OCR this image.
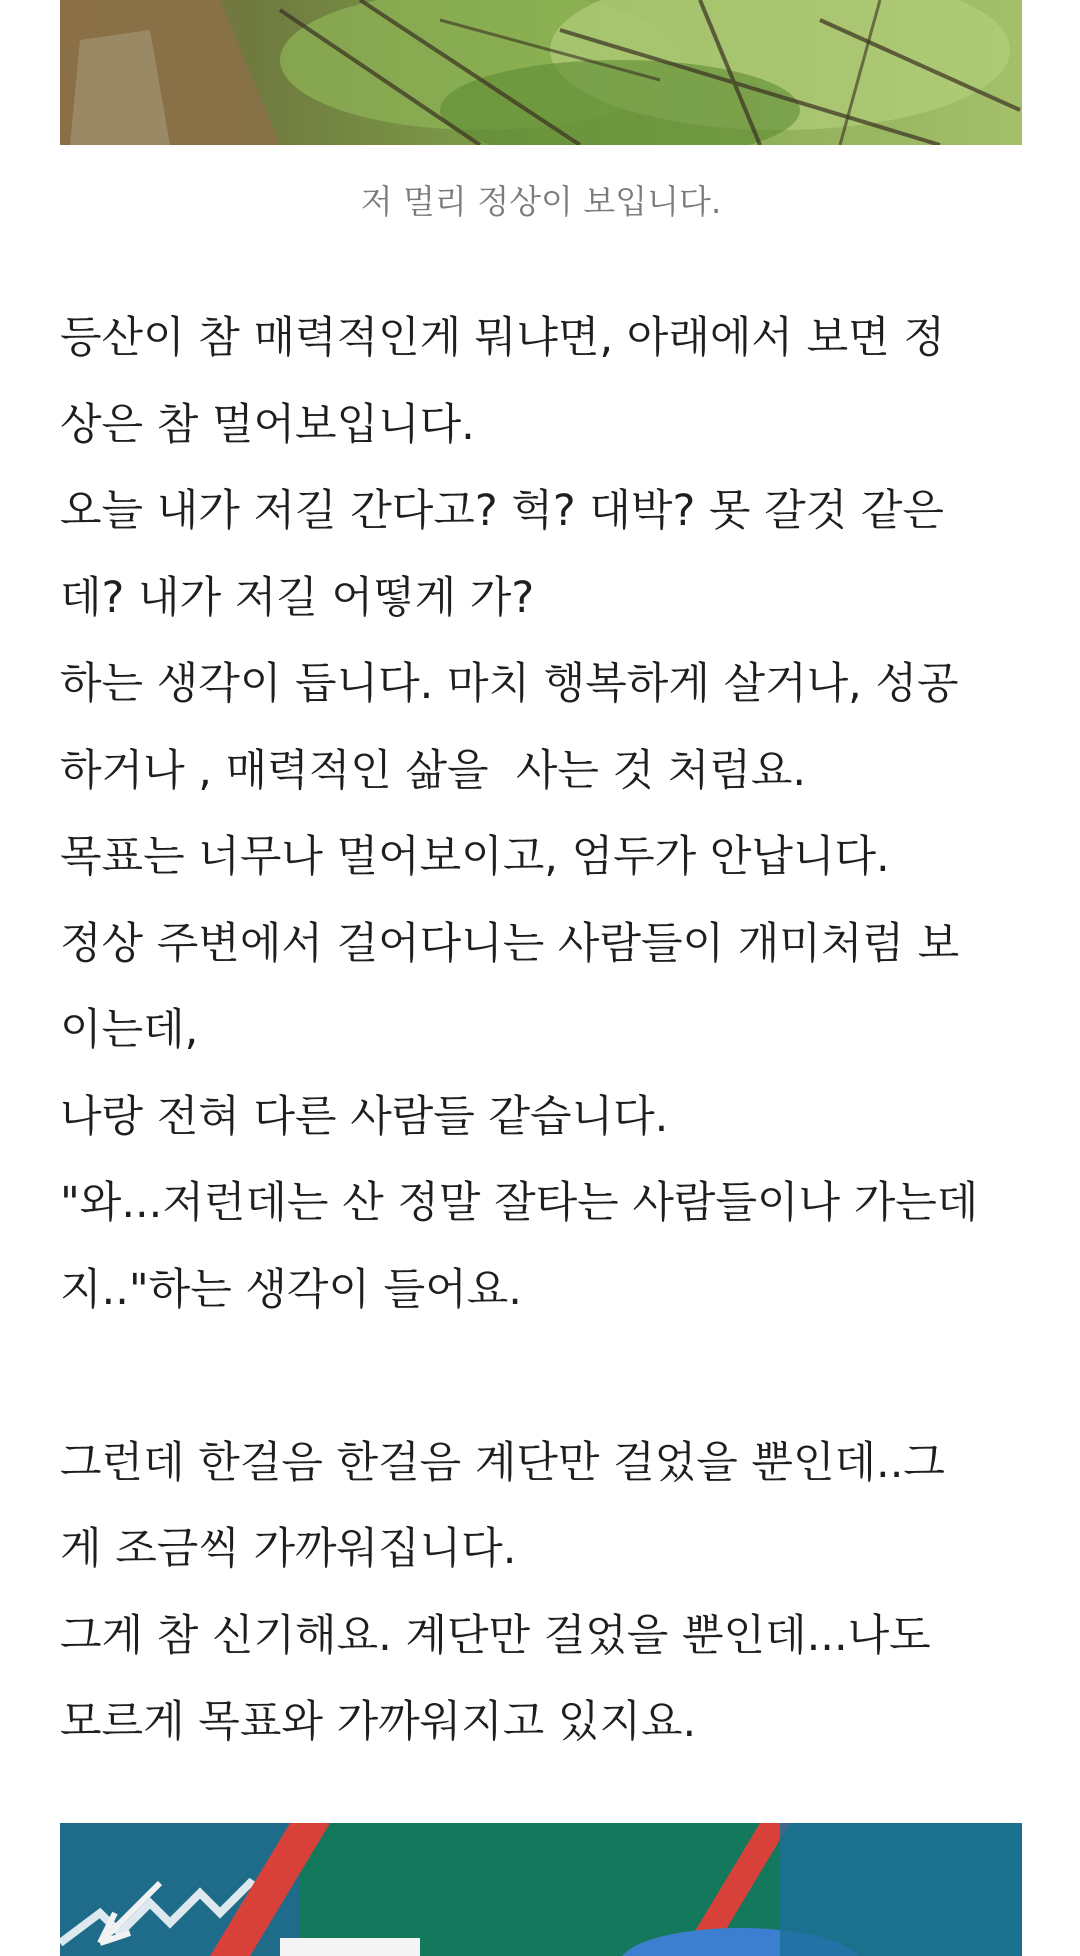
저 멀리 정상이 보입니다.
등산이 참 매력적인게 뭐냐면, 아래에서 보면 정
상은 참 멀어보입니다.
오늘 내가 저길 간다고? 헉? 대박? 못 갈것 같은
데? 내가 저길 어떻게 가?
하는 생각이 듭니다. 마치 행복하게 살거나, 성공
하거나 , 매력적인 삶을  사는 것 처럼요.
목표는 너무나 멀어보이고, 엄두가 안납니다.
정상 주변에서 걸어다니는 사람들이 개미처럼 보
이는데,
나랑 전혀 다른 사람들 같습니다.
"와...저런데는 산 정말 잘타는 사람들이나 가는데
지.."하는 생각이 들어요.
그런데 한걸음 한걸음 계단만 걸었을 뿐인데..그
게 조금씩 가까워집니다.
그게 참 신기해요. 계단만 걸었을 뿐인데...나도
모르게 목표와 가까워지고 있지요.
